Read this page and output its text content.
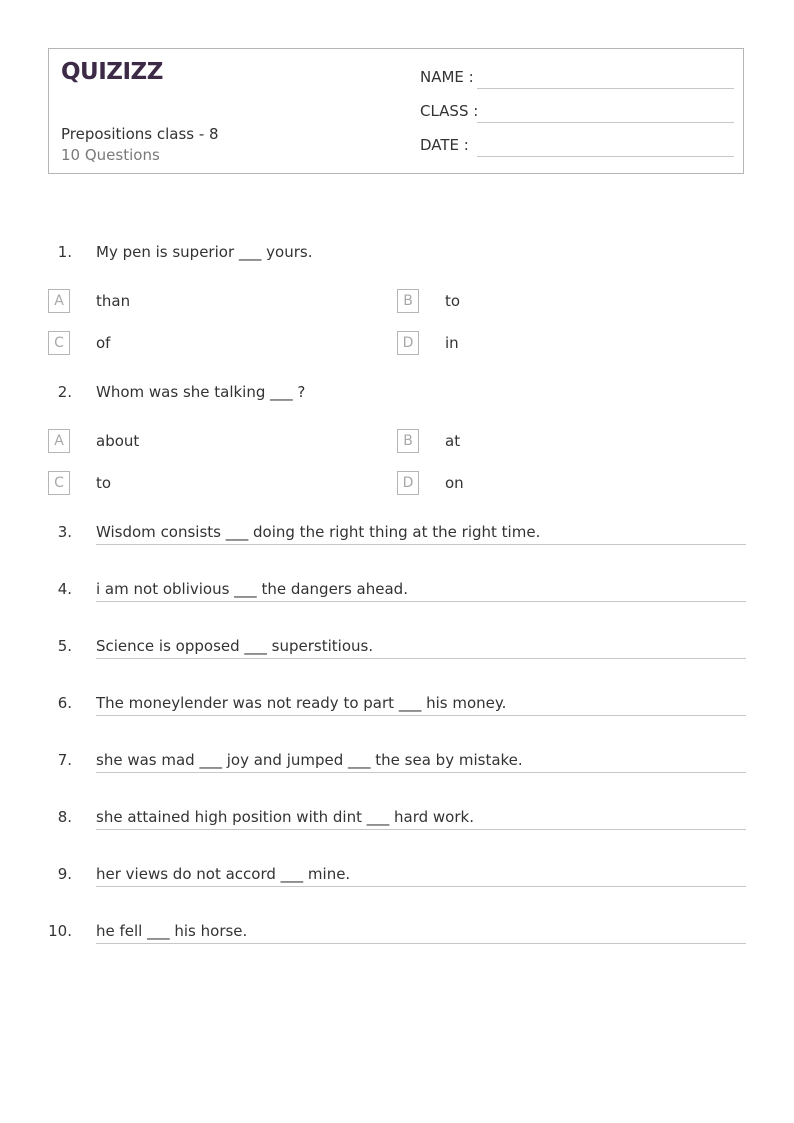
QUIZIZZ
Prepositions class - 8
10 Questions
NAME :
CLASS :
DATE :
1. My pen is superior ___ yours.
A	than	B	to
C	of	D	in
2. Whom was she talking ___ ?
A	about	B	at
C	to	D	on
3. Wisdom consists ___ doing the right thing at the right time.
4. i am not oblivious ___ the dangers ahead.
5. Science is opposed ___ superstitious.
6. The moneylender was not ready to part ___ his money.
7. she was mad ___ joy and jumped ___ the sea by mistake.
8. she attained high position with dint ___ hard work.
9. her views do not accord ___ mine.
10. he fell ___ his horse.
